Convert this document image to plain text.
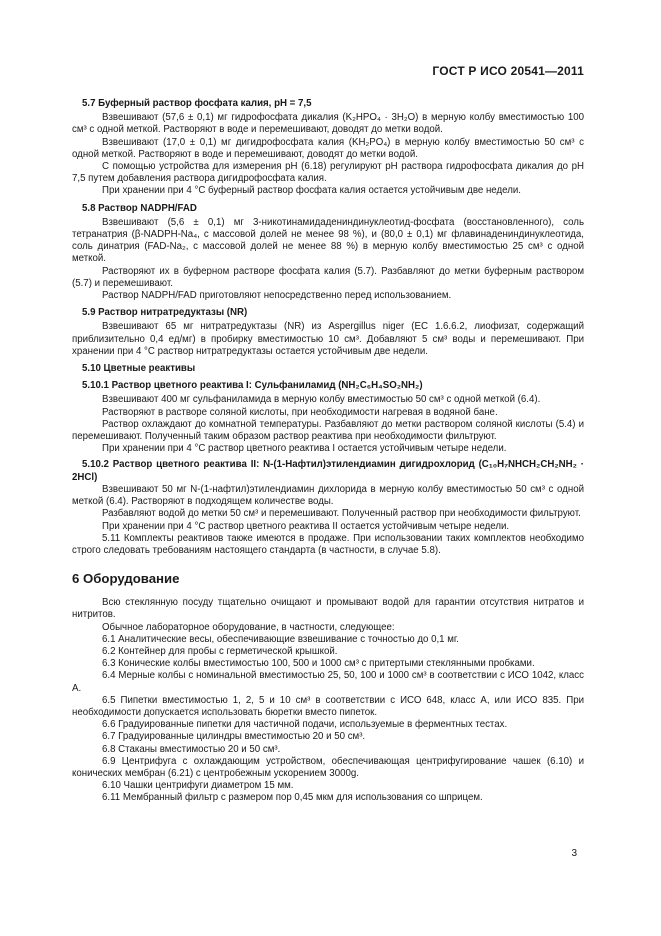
ГОСТ Р ИСО 20541—2011

5.7 Буферный раствор фосфата калия, pH = 7,5

Взвешивают (57,6 ± 0,1) мг гидрофосфата дикалия (K₂HPO₄ · 3H₂O) в мерную колбу вместимостью 100 см³ с одной меткой. Растворяют в воде и перемешивают, доводят до метки водой.

Взвешивают (17,0 ± 0,1) мг дигидрофосфата калия (KH₂PO₄) в мерную колбу вместимостью 50 см³ с одной меткой. Растворяют в воде и перемешивают, доводят до метки водой.

С помощью устройства для измерения pH (6.18) регулируют pH раствора гидрофосфата дикалия до pH 7,5 путем добавления раствора дигидрофосфата калия.

При хранении при 4 °C буферный раствор фосфата калия остается устойчивым две недели.

5.8 Раствор NADPH/FAD

Взвешивают (5,6 ± 0,1) мг 3-никотинамидадениндинуклеотид-фосфата (восстановленного), соль тетранатрия (β-NADPH-Na₄, с массовой долей не менее 98 %), и (80,0 ± 0,1) мг флавинадениндинуклеотида, соль динатрия (FAD-Na₂, с массовой долей не менее 88 %) в мерную колбу вместимостью 25 см³ с одной меткой.

Растворяют их в буферном растворе фосфата калия (5.7). Разбавляют до метки буферным раствором (5.7) и перемешивают.

Раствор NADPH/FAD приготовляют непосредственно перед использованием.

5.9 Раствор нитратредуктазы (NR)

Взвешивают 65 мг нитратредуктазы (NR) из Aspergillus niger (EC 1.6.6.2, лиофизат, содержащий приблизительно 0,4 ед/мг) в пробирку вместимостью 10 см³. Добавляют 5 см³ воды и перемешивают. При хранении при 4 °C раствор нитратредуктазы остается устойчивым две недели.

5.10 Цветные реактивы

5.10.1 Раствор цветного реактива I: Сульфаниламид (NH₂C₆H₄SO₂NH₂)

Взвешивают 400 мг сульфаниламида в мерную колбу вместимостью 50 см³ с одной меткой (6.4).

Растворяют в растворе соляной кислоты, при необходимости нагревая в водяной бане.

Раствор охлаждают до комнатной температуры. Разбавляют до метки раствором соляной кислоты (5.4) и перемешивают. Полученный таким образом раствор реактива при необходимости фильтруют.

При хранении при 4 °C раствор цветного реактива I остается устойчивым четыре недели.

5.10.2 Раствор цветного реактива II: N-(1-Нафтил)этилендиамин дигидрохлорид (C₁₀H₇NHCH₂CH₂NH₂ · 2HCl)

Взвешивают 50 мг N-(1-нафтил)этилендиамин дихлорида в мерную колбу вместимостью 50 см³ с одной меткой (6.4). Растворяют в подходящем количестве воды.

Разбавляют водой до метки 50 см³ и перемешивают. Полученный раствор при необходимости фильтруют.

При хранении при 4 °C раствор цветного реактива II остается устойчивым четыре недели.

5.11 Комплекты реактивов также имеются в продаже. При использовании таких комплектов необходимо строго следовать требованиям настоящего стандарта (в частности, в случае 5.8).

6 Оборудование

Всю стеклянную посуду тщательно очищают и промывают водой для гарантии отсутствия нитратов и нитритов.

Обычное лабораторное оборудование, в частности, следующее:

6.1 Аналитические весы, обеспечивающие взвешивание с точностью до 0,1 мг.

6.2 Контейнер для пробы с герметической крышкой.

6.3 Конические колбы вместимостью 100, 500 и 1000 см³ с притертыми стеклянными пробками.

6.4 Мерные колбы с номинальной вместимостью 25, 50, 100 и 1000 см³ в соответствии с ИСО 1042, класс А.

6.5 Пипетки вместимостью 1, 2, 5 и 10 см³ в соответствии с ИСО 648, класс А, или ИСО 835. При необходимости допускается использовать бюретки вместо пипеток.

6.6 Градуированные пипетки для частичной подачи, используемые в ферментных тестах.

6.7 Градуированные цилиндры вместимостью 20 и 50 см³.

6.8 Стаканы вместимостью 20 и 50 см³.

6.9 Центрифуга с охлаждающим устройством, обеспечивающая центрифугирование чашек (6.10) и конических мембран (6.21) с центробежным ускорением 3000g.

6.10 Чашки центрифуги диаметром 15 мм.

6.11 Мембранный фильтр с размером пор 0,45 мкм для использования со шприцем.

3
